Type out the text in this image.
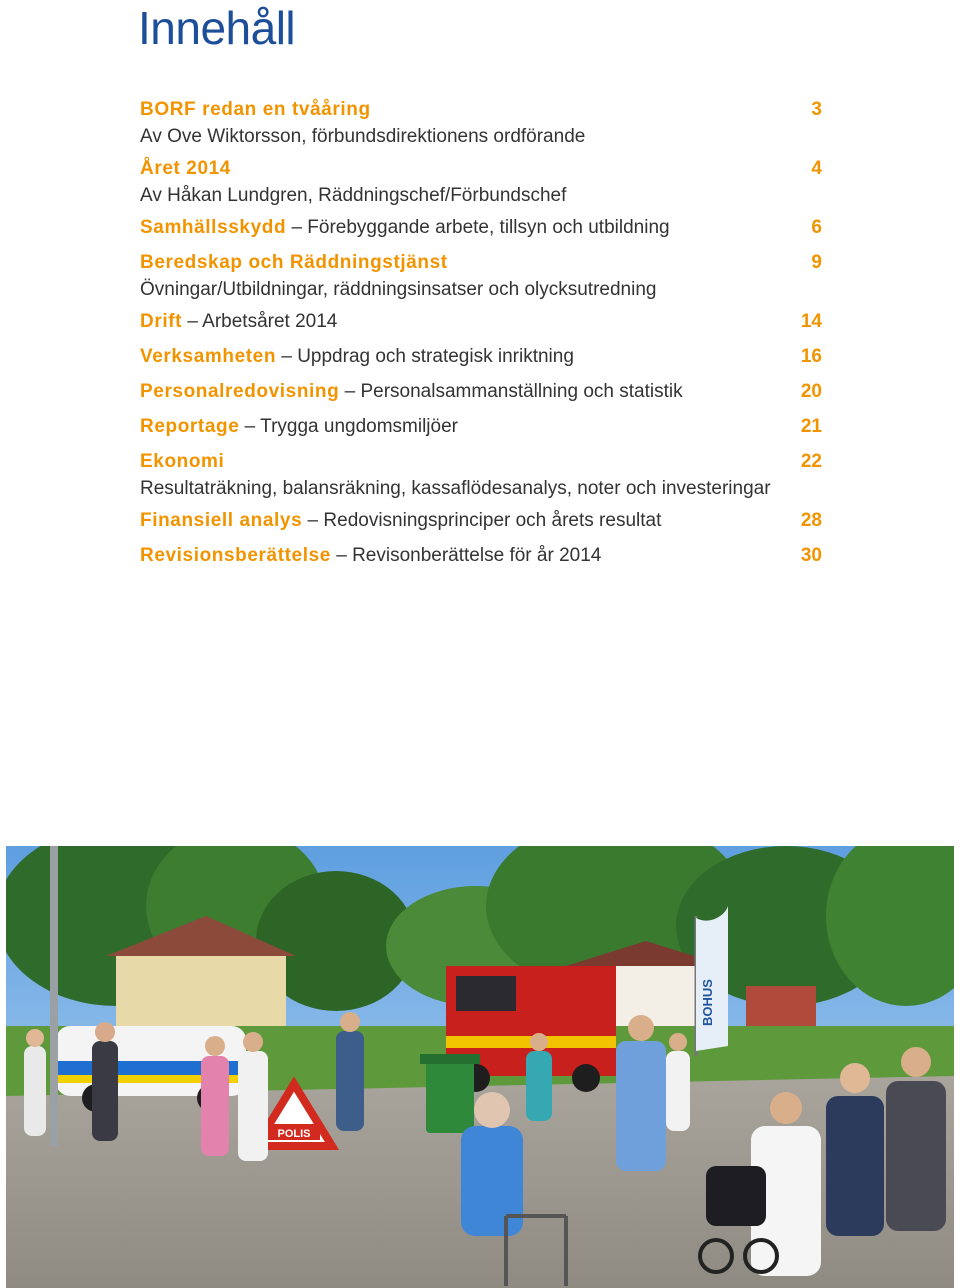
Innehåll
BORF redan en tvååring	3
Av Ove Wiktorsson, förbundsdirektionens ordförande
Året 2014	4
Av Håkan Lundgren, Räddningschef/Förbundschef
Samhällsskydd – Förebyggande arbete, tillsyn och utbildning	6
Beredskap och Räddningstjänst	9
Övningar/Utbildningar, räddningsinsatser och olycksutredning
Drift – Arbetsåret 2014	14
Verksamheten – Uppdrag och strategisk inriktning	16
Personalredovisning – Personalsammanställning och statistik	20
Reportage – Trygga ungdomsmiljöer	21
Ekonomi	22
Resultaträkning, balansräkning, kassaflödesanalys, noter och investeringar
Finansiell analys – Redovisningsprinciper och årets resultat	28
Revisionsberättelse – Revisonberättelse för år 2014	30
BOHUS
POLIS
